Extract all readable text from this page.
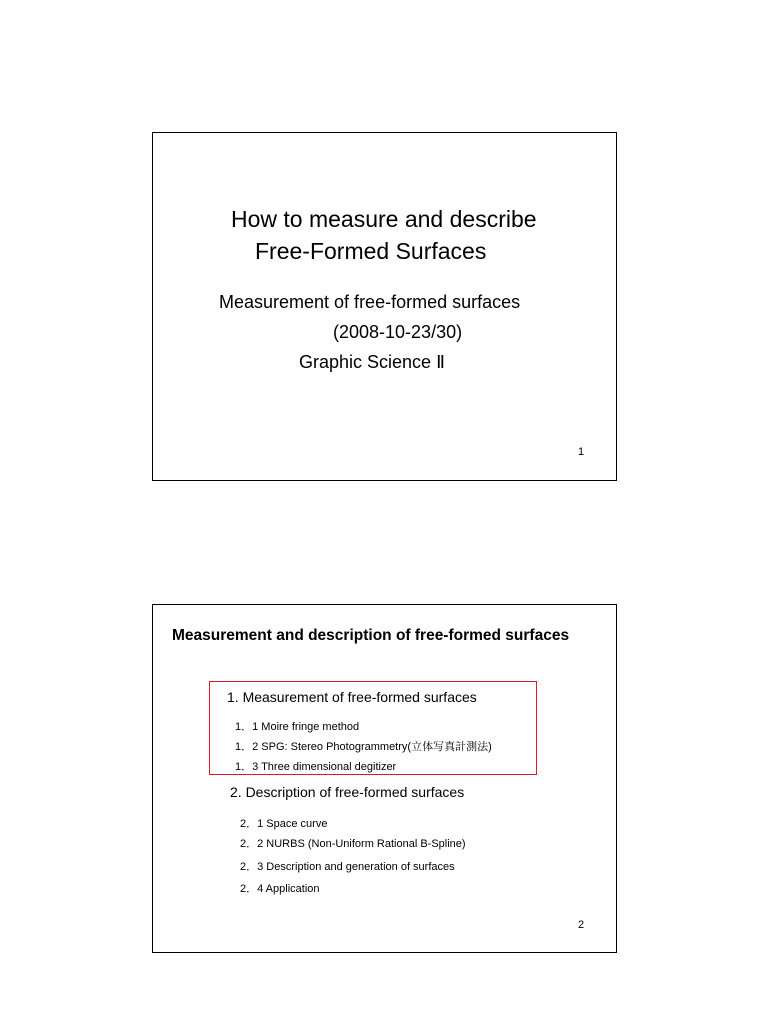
How to measure and describe
Free-Formed Surfaces
Measurement of free-formed surfaces
(2008-10-23/30)
Graphic Science Ⅱ
1
Measurement and description of free-formed surfaces
1. Measurement of free-formed surfaces
1．1 Moire fringe method
1．2 SPG: Stereo Photogrammetry(立体写真計測法)
1．3 Three dimensional degitizer
2. Description of free-formed surfaces
2．1 Space curve
2．2 NURBS (Non-Uniform Rational B-Spline)
2．3 Description and generation of surfaces
2．4 Application
2
